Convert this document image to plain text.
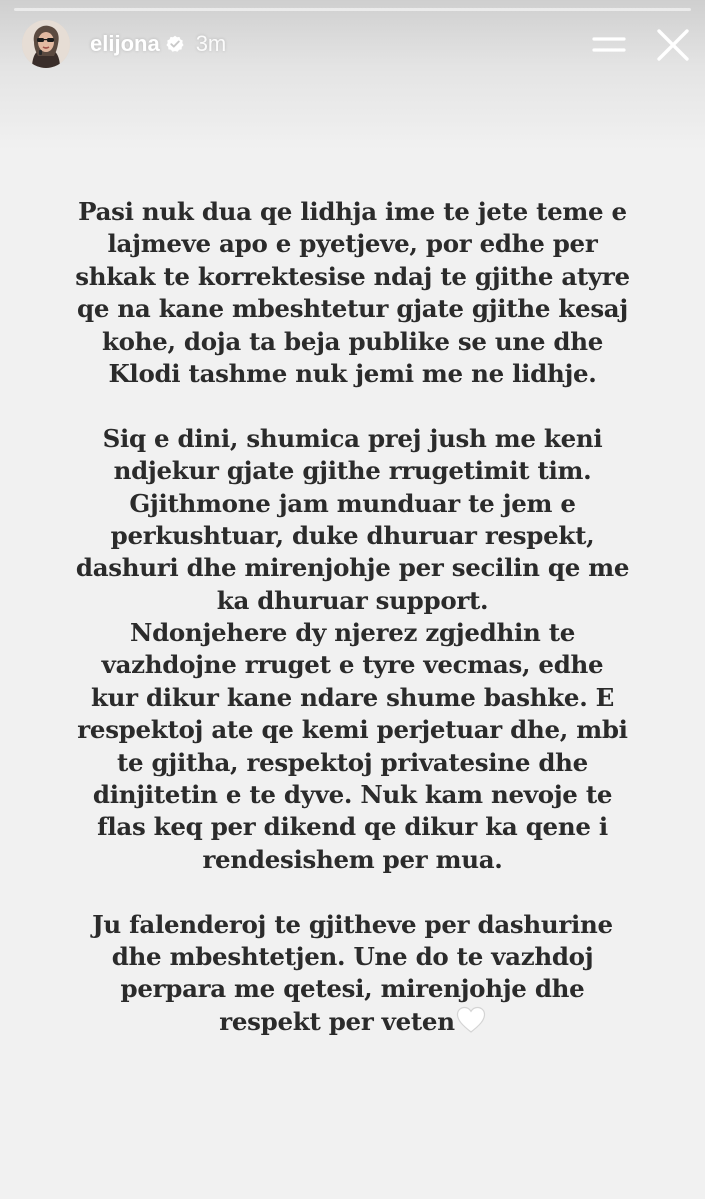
elijona 3m
Pasi nuk dua qe lidhja ime te jete teme e
lajmeve apo e pyetjeve, por edhe per
shkak te korrektesise ndaj te gjithe atyre
qe na kane mbeshtetur gjate gjithe kesaj
kohe, doja ta beja publike se une dhe
Klodi tashme nuk jemi me ne lidhje.
Siq e dini, shumica prej jush me keni
ndjekur gjate gjithe rrugetimit tim.
Gjithmone jam munduar te jem e
perkushtuar, duke dhuruar respekt,
dashuri dhe mirenjohje per secilin qe me
ka dhuruar support.
Ndonjehere dy njerez zgjedhin te
vazhdojne rruget e tyre vecmas, edhe
kur dikur kane ndare shume bashke. E
respektoj ate qe kemi perjetuar dhe, mbi
te gjitha, respektoj privatesine dhe
dinjitetin e te dyve. Nuk kam nevoje te
flas keq per dikend qe dikur ka qene i
rendesishem per mua.
Ju falenderoj te gjitheve per dashurine
dhe mbeshtetjen. Une do te vazhdoj
perpara me qetesi, mirenjohje dhe
respekt per veten
